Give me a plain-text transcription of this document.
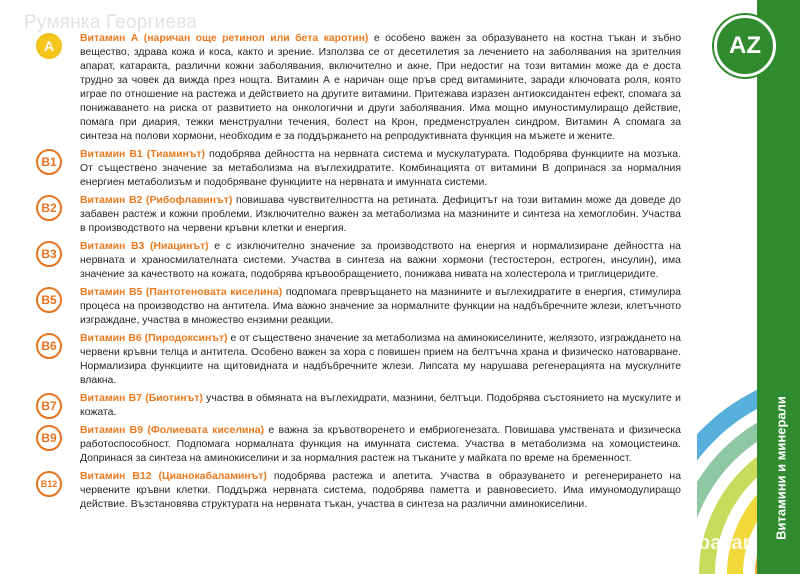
Румянка Георгиева
A	Витамин А (наричан още ретинол или бета каротин) е особено важен за образуването на костна тъкан и зъбно вещество, здрава кожа и коса, както и зрение. Използва се от десетилетия за лечението на заболявания на зрителния апарат, катаракта, различни кожни заболявания, включително и акне. При недостиг на този витамин може да е доста трудно за човек да вижда през нощта. Витамин А е наричан още пръв сред витамините, заради ключовата роля, която играе по отношение на растежа и действието на другите витамини. Притежава изразен антиоксидантен ефект, спомага за понижаването на риска от развитието на онкологични и други заболявания. Има мощно имуностимулиращо действие, помага при диария, тежки менструални течения, болест на Крон, предменструален синдром. Витамин А спомага за синтеза на полови хормони, необходим е за поддържането на репродуктивната функция на мъжете и жените.

B1

Витамин В1 (Тиаминът) подобрява дейността на нервната система и мускулатурата. Подобрява функциите на мозъка. От съществено значение за метаболизма на въглехидратите. Комбинацията от витамини В допринася за нормалния енергиен метаболизъм и подобряване функциите на нервната и имунната системи.

B2

Витамин В2 (Рибофлавинът) повишава чувствителността на ретината. Дефицитът на този витамин може да доведе до забавен растеж и кожни проблеми. Изключително важен за метаболизма на мазнините и синтеза на хемоглобин. Участва в производството на червени кръвни клетки и енергия.

B3

Витамин В3 (Ниацинът) е с изключително значение за производството на енергия и нормализиране дейността на нервната и храносмилателната системи. Участва в синтеза на важни хормони (тестостерон, естроген, инсулин), има значение за качеството на кожата, подобрява кръвообращението, понижава нивата на холестерола и триглицеридите.

B5

Витамин В5 (Пантотеновата киселина) подпомага превръщането на мазнините и въглехидратите в енергия, стимулира процеса на производство на антитела. Има важно значение за нормалните функции на надбъбречните жлези, клетъчното изграждане, участва в множество ензимни реакции.

B6

Витамин В6 (Пиродоксинът) е от съществено значение за метаболизма на аминокиселините, желязото, изграждането на червени кръвни телца и антитела. Особено важен за хора с повишен прием на белтъчна храна и физическо натоварване. Нормализира функциите на щитовидната и надбъбречните жлези. Липсата му нарушава регенерацията на мускулните влакна.

B7

Витамин В7 (Биотинът) участва в обмяната на въглехидрати, мазнини, белтъци. Подобрява състоянието на мускулите и кожата.

B9

Витамин В9 (Фолиевата киселина) е важна за кръвотворенето и ембриогенезата. Повишава умствената и физическа работоспособност. Подпомага нормалната функция на имунната система. Участва в метаболизма на хомоцистеина. Допринася за синтеза на аминокиселини и за нормалния растеж на тъканите у майката по време на бременност.

B12

Витамин В12 (Цианокабаламинът) подобрява растежа и апетита. Участва в образуването и регенерирането на червените кръвни клетки. Поддържа нервната система, подобрява паметта и равновесието. Има имуномодулиращо действие. Възстановява структурата на нервната тъкан, участва в синтеза на различни аминокиселини.

AZ
Витамини и минерали
bazar
